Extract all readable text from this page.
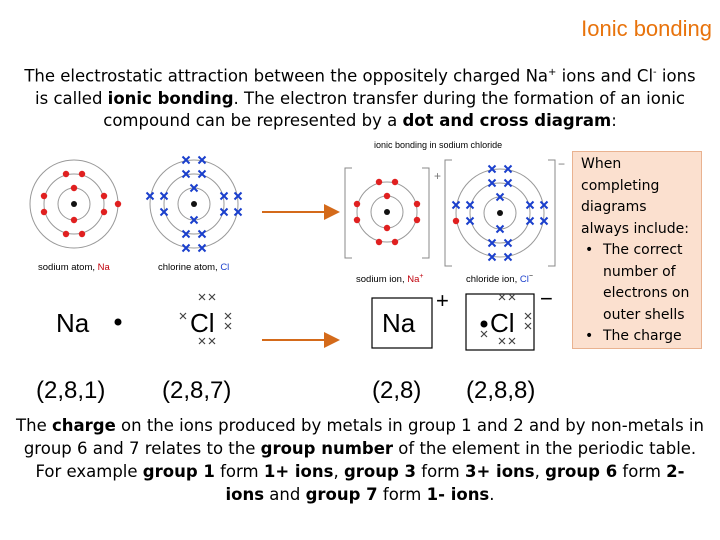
Ionic bonding
The electrostatic attraction between the oppositely charged Na+ ions and Cl- ions is called ionic bonding. The electron transfer during the formation of an ionic compound can be represented by a dot and cross diagram:
ionic bonding in sodium chloride
+
−
sodium atom, Na	chlorine atom, Cl
sodium ion, Na+	chloride ion, Cl−
Na	Cl	Na
+
Cl
−
(2,8,1) (2,8,7)	(2,8) (2,8,8)
When completing diagrams always include:
• The correct number of electrons on outer shells
• The charge
The charge on the ions produced by metals in group 1 and 2 and by non-metals in group 6 and 7 relates to the group number of the element in the periodic table. For example group 1 form 1+ ions, group 3 form 3+ ions, group 6 form 2- ions and group 7 form 1- ions.
